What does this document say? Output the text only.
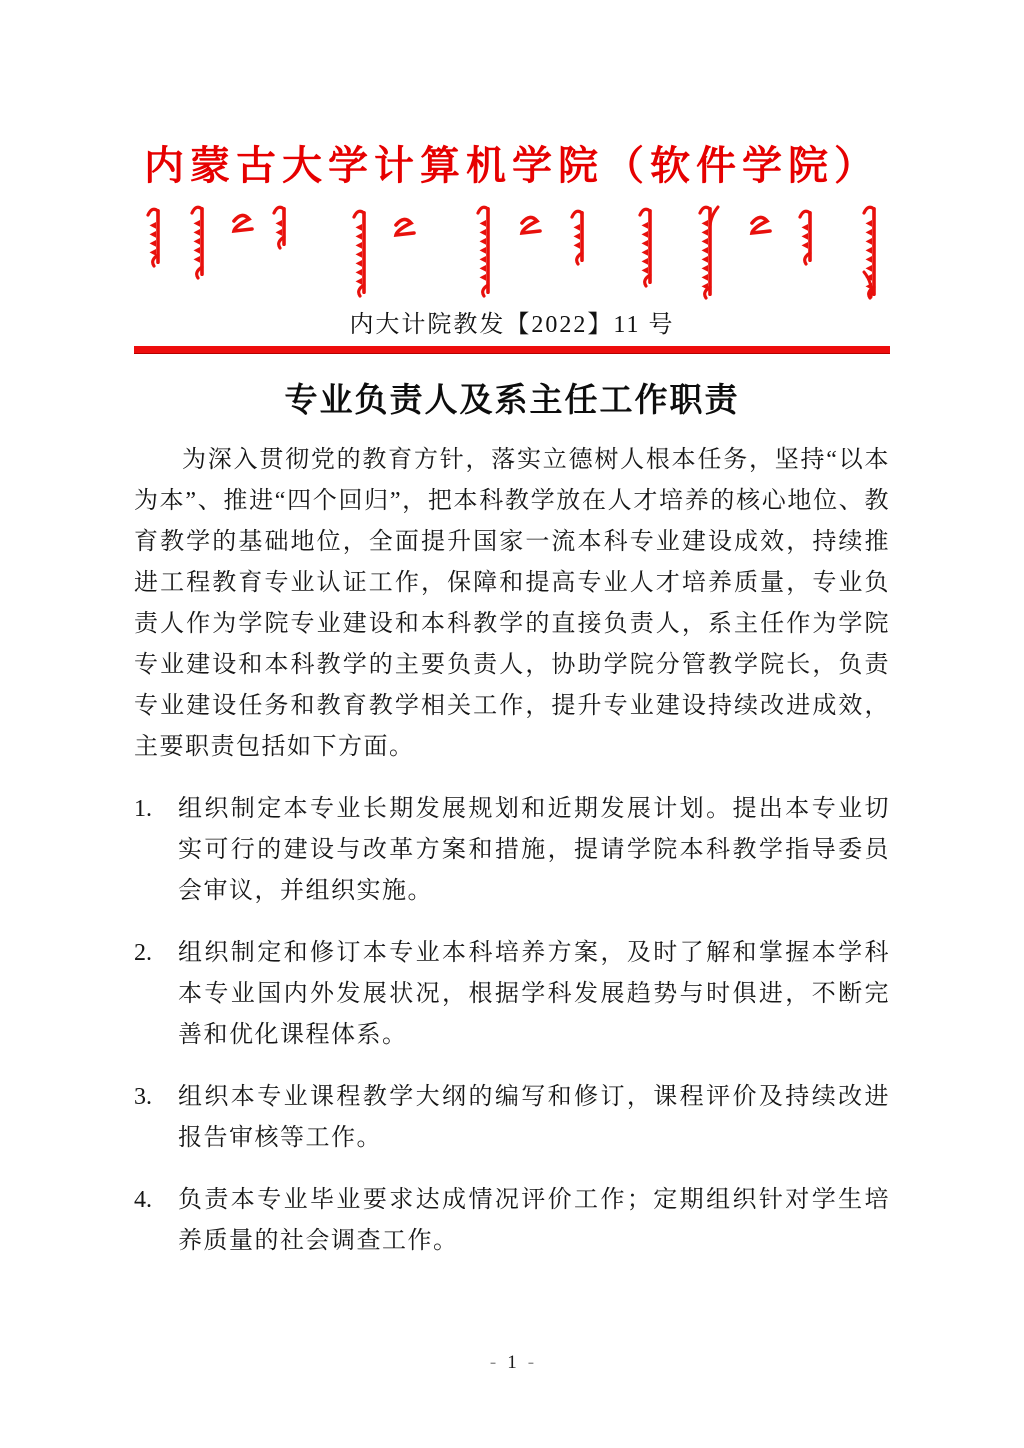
内蒙古大学计算机学院（软件学院）
内大计院教发【2022】11 号
专业负责人及系主任工作职责

为深入贯彻党的教育方针，落实立德树人根本任务，坚持“以本为本”、推进“四个回归”，把本科教学放在人才培养的核心地位、教育教学的基础地位，全面提升国家一流本科专业建设成效，持续推进工程教育专业认证工作，保障和提高专业人才培养质量，专业负责人作为学院专业建设和本科教学的直接负责人，系主任作为学院专业建设和本科教学的主要负责人，协助学院分管教学院长，负责专业建设任务和教育教学相关工作，提升专业建设持续改进成效，主要职责包括如下方面。

1.	组织制定本专业长期发展规划和近期发展计划。提出本专业切实可行的建设与改革方案和措施，提请学院本科教学指导委员会审议，并组织实施。
2.	组织制定和修订本专业本科培养方案，及时了解和掌握本学科本专业国内外发展状况，根据学科发展趋势与时俱进，不断完善和优化课程体系。
3.	组织本专业课程教学大纲的编写和修订，课程评价及持续改进报告审核等工作。
4.	负责本专业毕业要求达成情况评价工作；定期组织针对学生培养质量的社会调查工作。
- 1 -
